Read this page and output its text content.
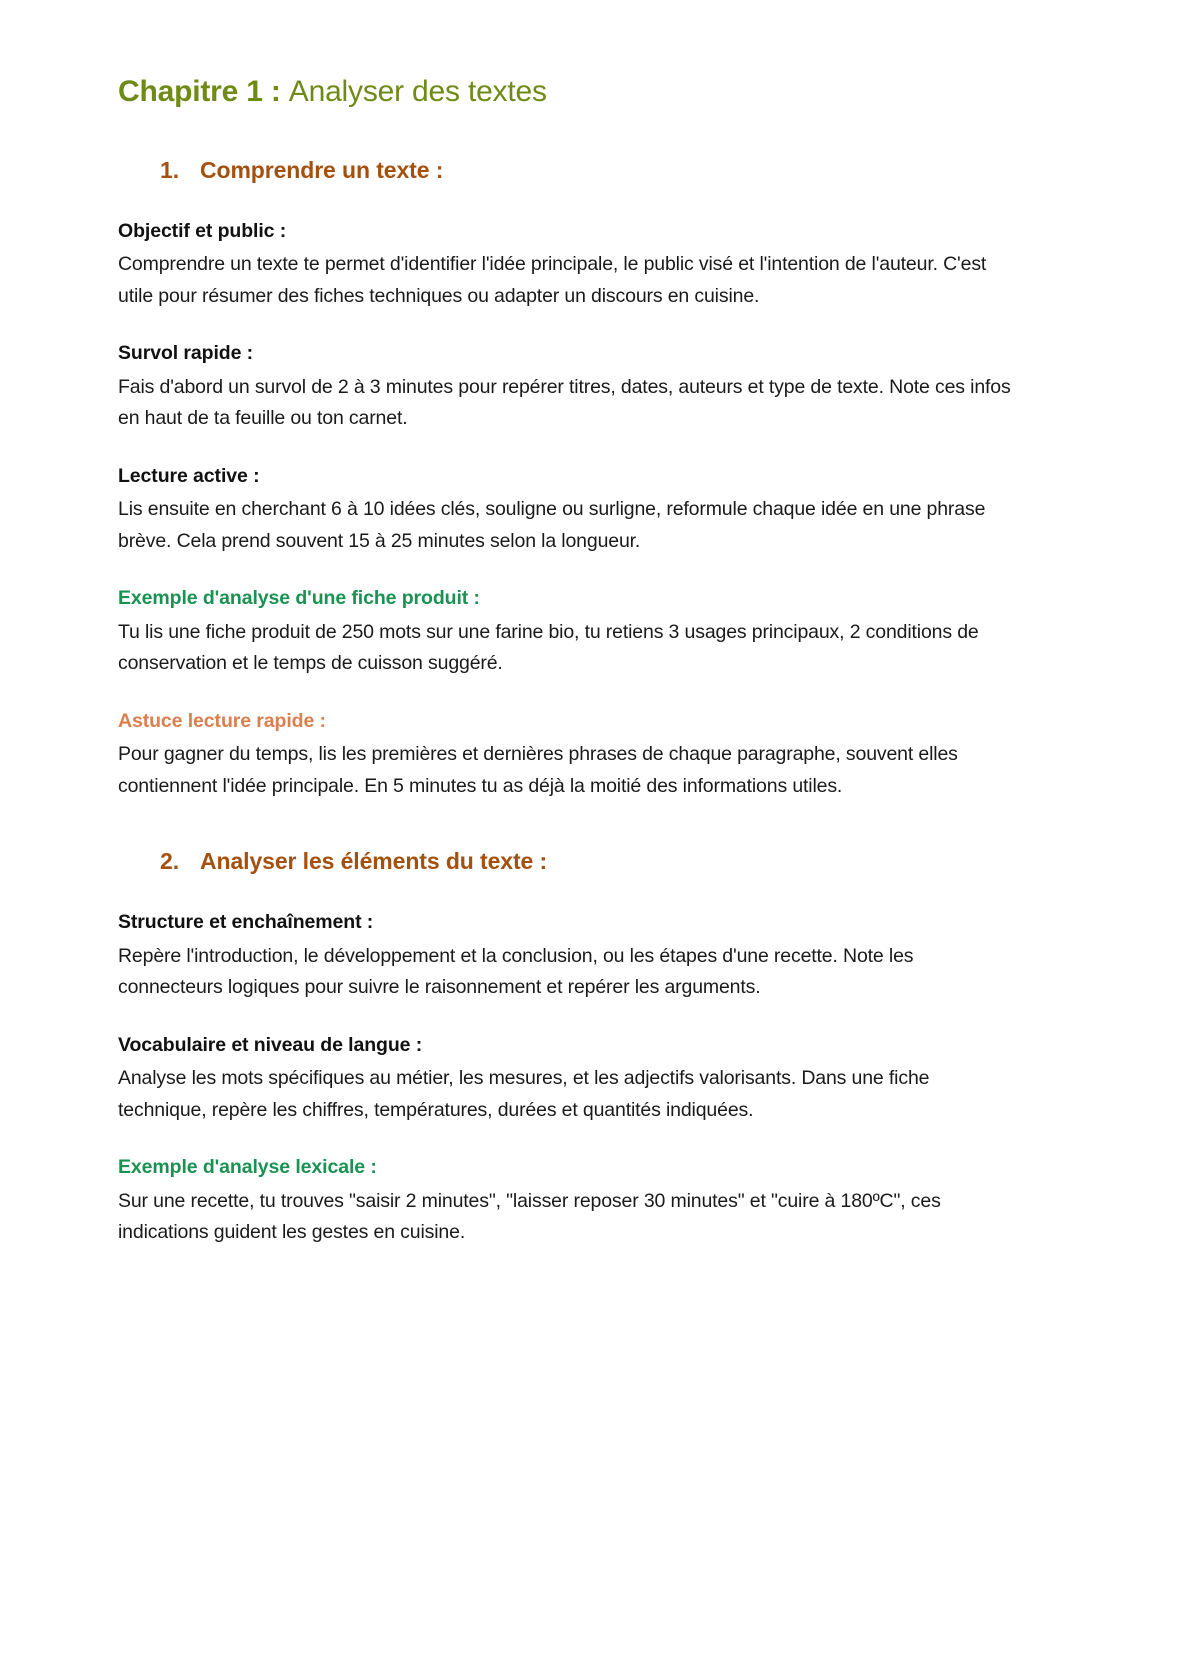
Chapitre 1 : Analyser des textes
1. Comprendre un texte :
Objectif et public :

Comprendre un texte te permet d'identifier l'idée principale, le public visé et l'intention de l'auteur. C'est utile pour résumer des fiches techniques ou adapter un discours en cuisine.

Survol rapide :

Fais d'abord un survol de 2 à 3 minutes pour repérer titres, dates, auteurs et type de texte. Note ces infos en haut de ta feuille ou ton carnet.

Lecture active :

Lis ensuite en cherchant 6 à 10 idées clés, souligne ou surligne, reformule chaque idée en une phrase brève. Cela prend souvent 15 à 25 minutes selon la longueur.

Exemple d'analyse d'une fiche produit :

Tu lis une fiche produit de 250 mots sur une farine bio, tu retiens 3 usages principaux, 2 conditions de conservation et le temps de cuisson suggéré.

Astuce lecture rapide :

Pour gagner du temps, lis les premières et dernières phrases de chaque paragraphe, souvent elles contiennent l'idée principale. En 5 minutes tu as déjà la moitié des informations utiles.

2. Analyser les éléments du texte :
Structure et enchaînement :

Repère l'introduction, le développement et la conclusion, ou les étapes d'une recette. Note les connecteurs logiques pour suivre le raisonnement et repérer les arguments.

Vocabulaire et niveau de langue :

Analyse les mots spécifiques au métier, les mesures, et les adjectifs valorisants. Dans une fiche technique, repère les chiffres, températures, durées et quantités indiquées.

Exemple d'analyse lexicale :

Sur une recette, tu trouves "saisir 2 minutes", "laisser reposer 30 minutes" et "cuire à 180ºC", ces indications guident les gestes en cuisine.
